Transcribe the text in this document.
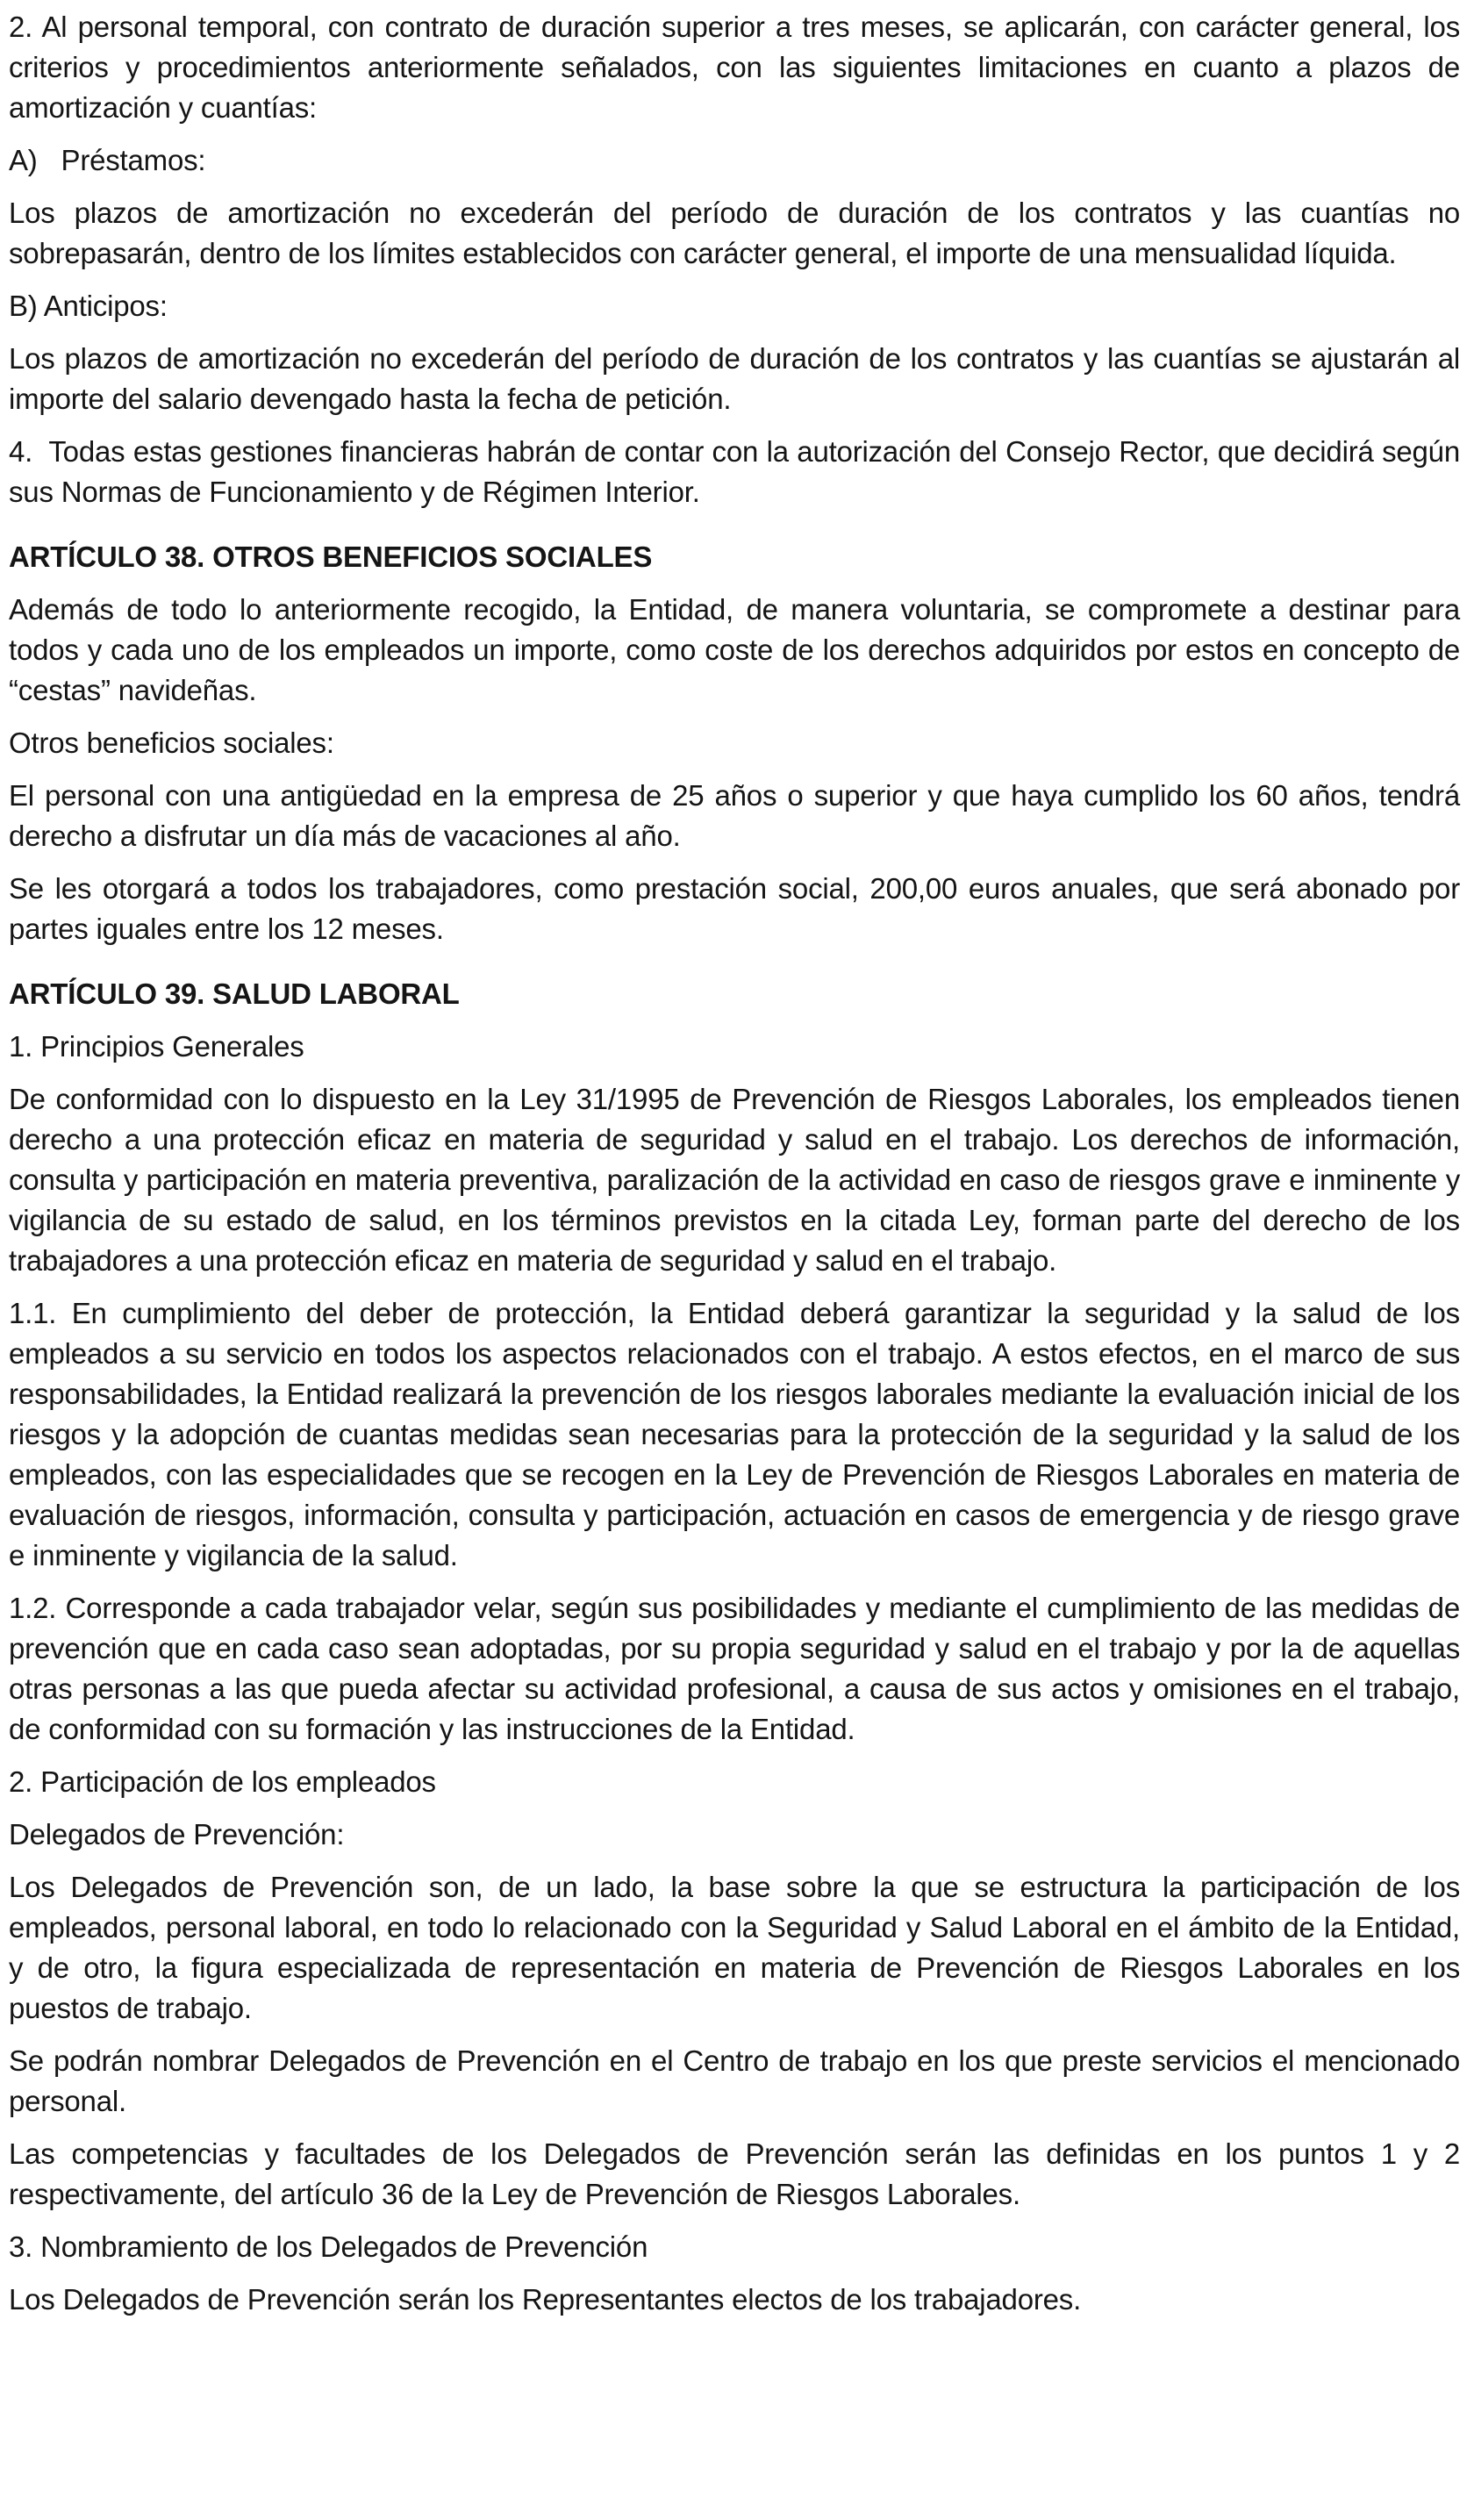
2. Al personal temporal, con contrato de duración superior a tres meses, se aplicarán, con carácter general, los criterios y procedimientos anteriormente señalados, con las siguientes limitaciones en cuanto a plazos de amortización y cuantías:

A)   Préstamos:

Los plazos de amortización no excederán del período de duración de los contratos y las cuantías no sobrepasarán, dentro de los límites establecidos con carácter general, el importe de una mensualidad líquida.

B) Anticipos:

Los plazos de amortización no excederán del período de duración de los contratos y las cuantías se ajustarán al importe del salario devengado hasta la fecha de petición.

4.  Todas estas gestiones financieras habrán de contar con la autorización del Consejo Rector, que decidirá según sus Normas de Funcionamiento y de Régimen Interior.

ARTÍCULO 38. OTROS BENEFICIOS SOCIALES

Además de todo lo anteriormente recogido, la Entidad, de manera voluntaria, se compromete a destinar para todos y cada uno de los empleados un importe, como coste de los derechos adquiridos por estos en concepto de “cestas” navideñas.

Otros beneficios sociales:

El personal con una antigüedad en la empresa de 25 años o superior y que haya cumplido los 60 años, tendrá derecho a disfrutar un día más de vacaciones al año.

Se les otorgará a todos los trabajadores, como prestación social, 200,00 euros anuales, que será abonado por partes iguales entre los 12 meses.

ARTÍCULO 39. SALUD LABORAL

1. Principios Generales

De conformidad con lo dispuesto en la Ley 31/1995 de Prevención de Riesgos Laborales, los empleados tienen derecho a una protección eficaz en materia de seguridad y salud en el trabajo. Los derechos de información, consulta y participación en materia preventiva, paralización de la actividad en caso de riesgos grave e inminente y vigilancia de su estado de salud, en los términos previstos en la citada Ley, forman parte del derecho de los trabajadores a una protección eficaz en materia de seguridad y salud en el trabajo.

1.1. En cumplimiento del deber de protección, la Entidad deberá garantizar la seguridad y la salud de los empleados a su servicio en todos los aspectos relacionados con el trabajo. A estos efectos, en el marco de sus responsabilidades, la Entidad realizará la prevención de los riesgos laborales mediante la evaluación inicial de los riesgos y la adopción de cuantas medidas sean necesarias para la protección de la seguridad y la salud de los empleados, con las especialidades que se recogen en la Ley de Prevención de Riesgos Laborales en materia de evaluación de riesgos, información, consulta y participación, actuación en casos de emergencia y de riesgo grave e inminente y vigilancia de la salud.

1.2. Corresponde a cada trabajador velar, según sus posibilidades y mediante el cumplimiento de las medidas de prevención que en cada caso sean adoptadas, por su propia seguridad y salud en el trabajo y por la de aquellas otras personas a las que pueda afectar su actividad profesional, a causa de sus actos y omisiones en el trabajo, de conformidad con su formación y las instrucciones de la Entidad.

2. Participación de los empleados

Delegados de Prevención:

Los Delegados de Prevención son, de un lado, la base sobre la que se estructura la participación de los empleados, personal laboral, en todo lo relacionado con la Seguridad y Salud Laboral en el ámbito de la Entidad, y de otro, la figura especializada de representación en materia de Prevención de Riesgos Laborales en los puestos de trabajo.

Se podrán nombrar Delegados de Prevención en el Centro de trabajo en los que preste servicios el mencionado personal.

Las competencias y facultades de los Delegados de Prevención serán las definidas en los puntos 1 y 2 respectivamente, del artículo 36 de la Ley de Prevención de Riesgos Laborales.

3. Nombramiento de los Delegados de Prevención

Los Delegados de Prevención serán los Representantes electos de los trabajadores.
